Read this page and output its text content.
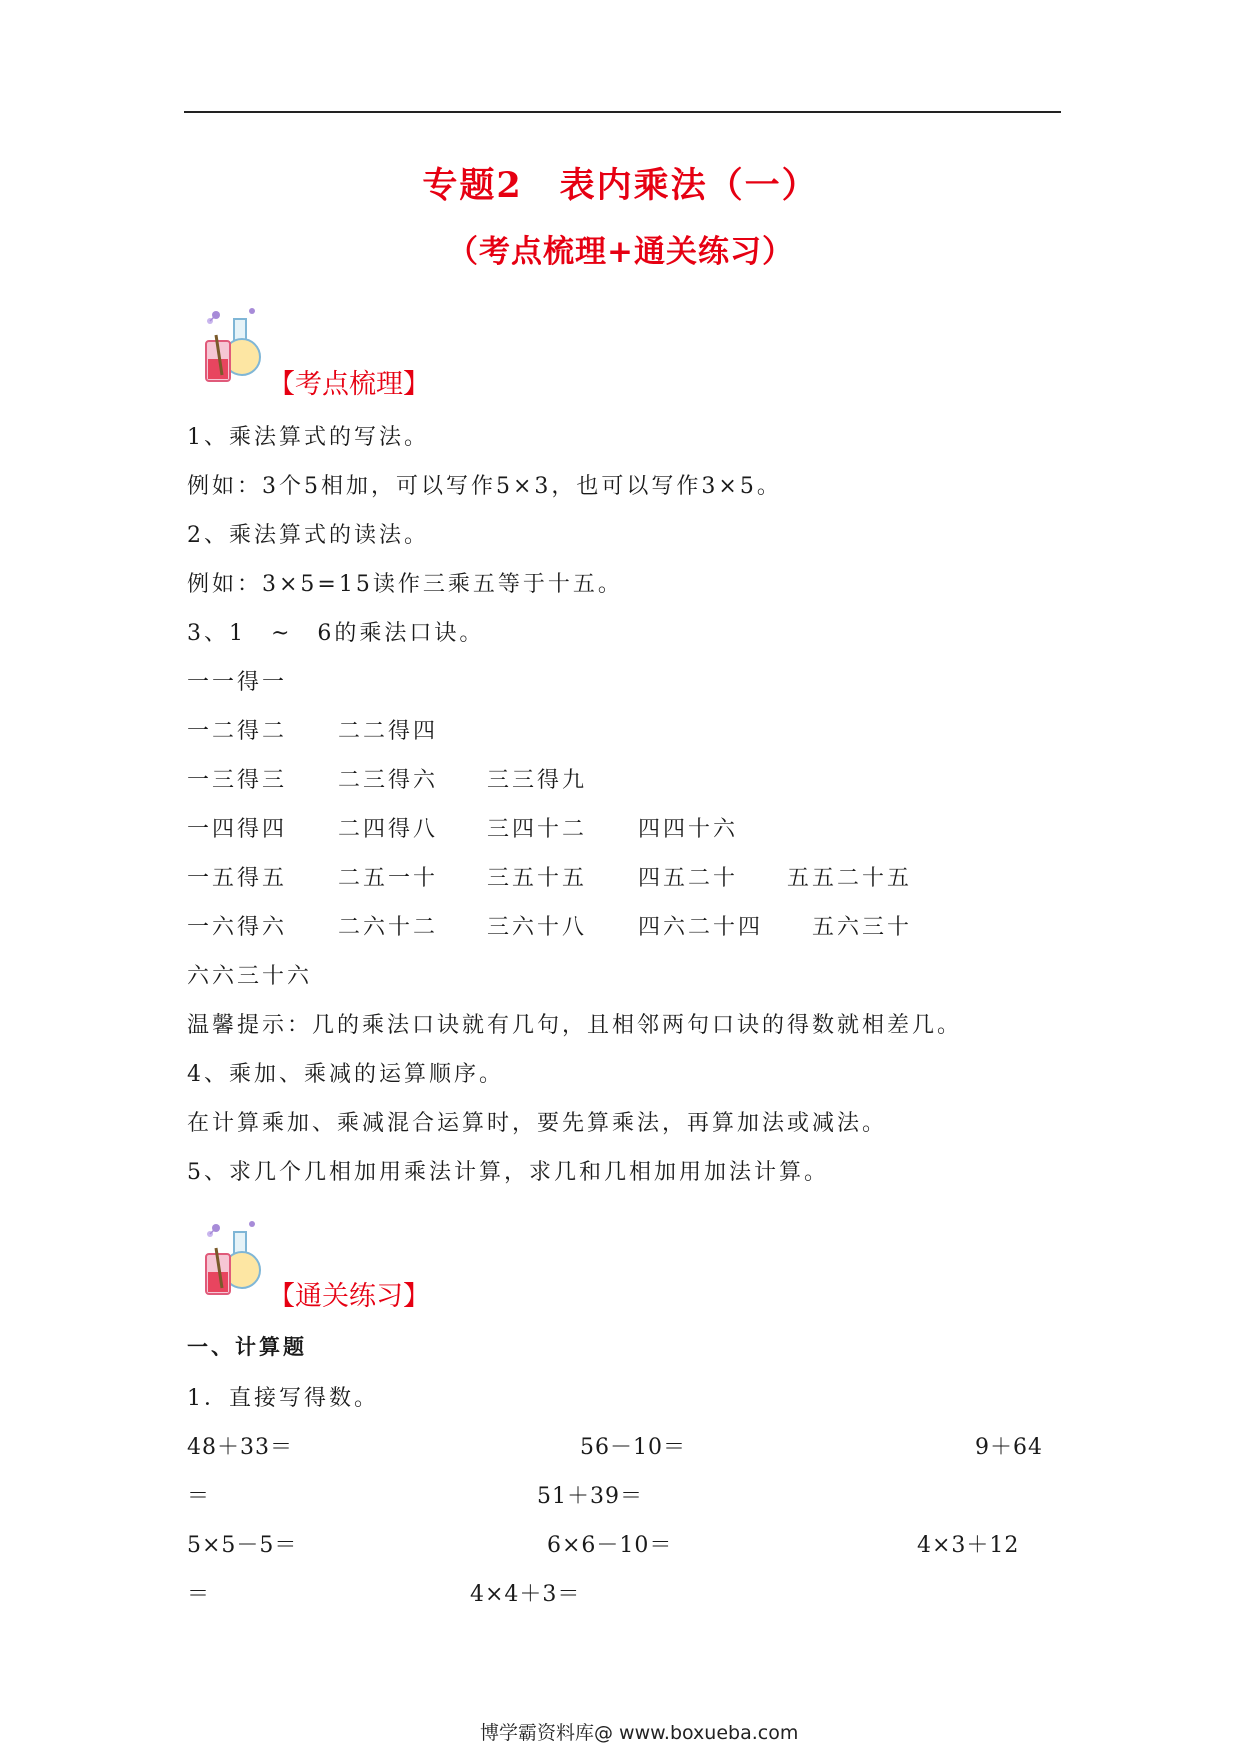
专题2　表内乘法（一）
（考点梳理+通关练习）
【考点梳理】
1、乘法算式的写法。
例如：3个5相加，可以写作5×3，也可以写作3×5。
2、乘法算式的读法。
例如：3×5=15读作三乘五等于十五。
3、1　~　6的乘法口诀。
一一得一
一二得二 二二得四
一三得三 二三得六 三三得九
一四得四 二四得八 三四十二 四四十六
一五得五 二五一十 三五十五 四五二十 五五二十五
一六得六 二六十二 三六十八 四六二十四 五六三十
六六三十六
温馨提示：几的乘法口诀就有几句，且相邻两句口诀的得数就相差几。
4、乘加、乘减的运算顺序。
在计算乘加、乘减混合运算时，要先算乘法，再算加法或减法。
5、求几个几相加用乘法计算，求几和几相加用加法计算。
【通关练习】
一、计算题
1．直接写得数。
48＋33＝	56－10＝	9＋64
＝	51＋39＝
5×5－5＝	6×6－10＝	4×3＋12
＝	4×4＋3＝
博学霸资料库@ www.boxueba.com
